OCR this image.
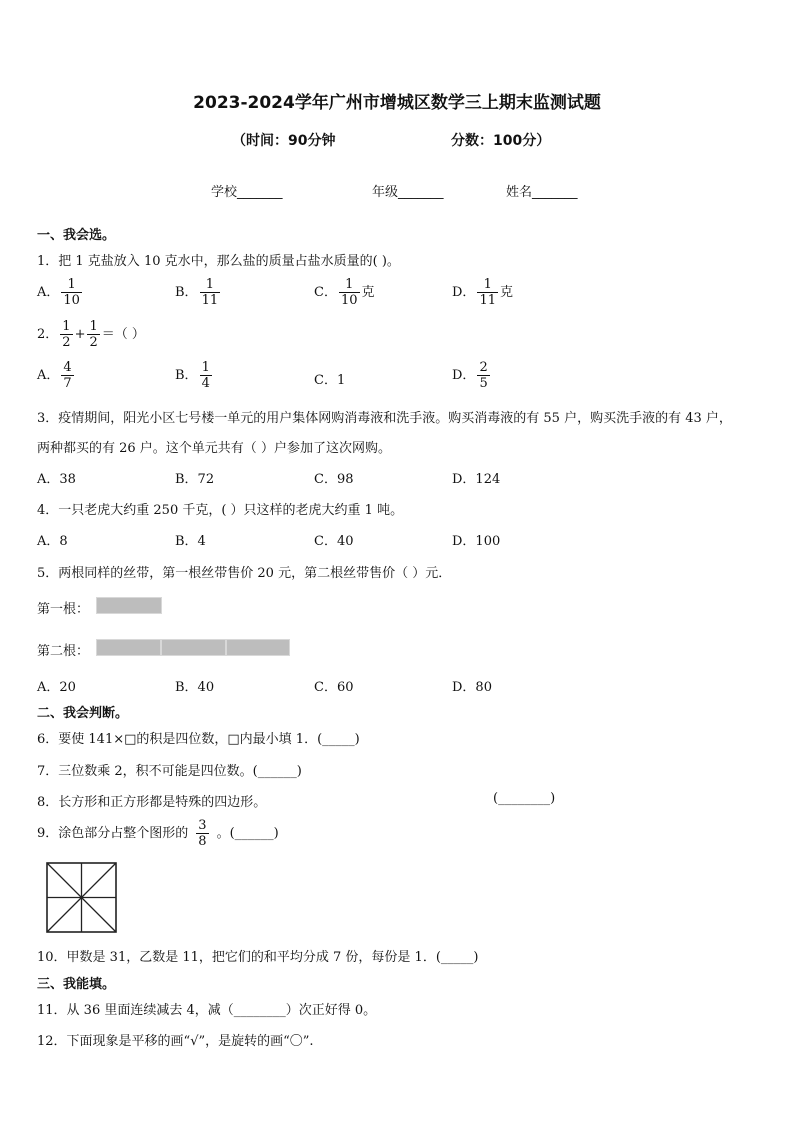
2023-2024学年广州市增城区数学三上期末监测试题
（时间：90分钟	分数：100分）
学校_______	年级_______	姓名_______
一、我会选。
1．把 1 克盐放入 10 克水中，那么盐的质量占盐水质量的( )。
A． $\frac{1}{10}$	B． $\frac{1}{11}$	C． $\frac{1}{10}$ 克	D． $\frac{1}{11}$ 克
2． $\frac{1}{2} + \frac{1}{2}$ ＝（ ）
A． $\frac{4}{7}$	B． $\frac{1}{4}$	C．1	D． $\frac{2}{5}$
3．疫情期间，阳光小区七号楼一单元的用户集体网购消毒液和洗手液。购买消毒液的有 55 户，购买洗手液的有 43 户，
两种都买的有 26 户。这个单元共有（ ）户参加了这次网购。
A．38	B．72	C．98	D．124
4．一只老虎大约重 250 千克，( ）只这样的老虎大约重 1 吨。
A．8	B．4	C．40	D．100
5．两根同样的丝带，第一根丝带售价 20 元，第二根丝带售价（ ）元．
第一根：
第二根：
A．20	B．40	C．60	D．80
二、我会判断。
6．要使 141×□的积是四位数，□内最小填 1．(_____)
7．三位数乘 2，积不可能是四位数。(______)
8．长方形和正方形都是特殊的四边形。	(________)
9．涂色部分占整个图形的 $\frac{3}{8}$ 。(______)
10．甲数是 31，乙数是 11，把它们的和平均分成 7 份，每份是 1．(_____)
三、我能填。
11．从 36 里面连续减去 4，减（________）次正好得 0。
12．下面现象是平移的画“√”，是旋转的画“〇”.
